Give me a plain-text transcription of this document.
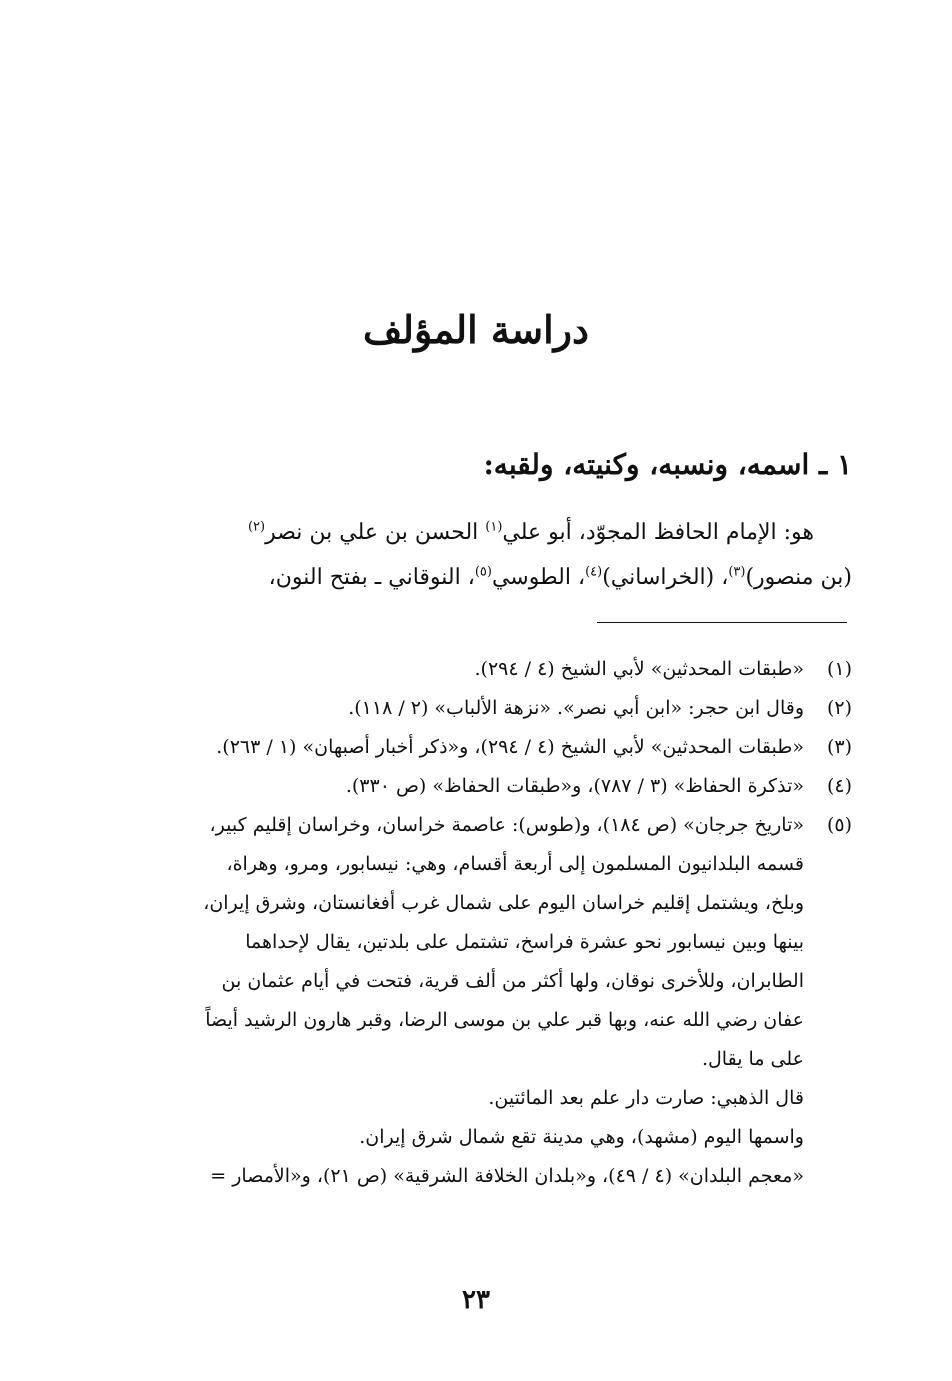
دراسة المؤلف
١ ـ اسمه، ونسبه، وكنيته، ولقبه:

هو: الإمام الحافظ المجوّد، أبو علي$^{(١)}$ الحسن بن علي بن نصر$^{(٢)}$

(بن منصور)$^{(٣)}$، (الخراساني)$^{(٤)}$، الطوسي$^{(٥)}$، النوقاني ـ بفتح النون،

(١)
«طبقات المحدثين» لأبي الشيخ (٤ / ٢٩٤).
(٢)
وقال ابن حجر: «ابن أبي نصر». «نزهة الألباب» (٢ / ١١٨).
(٣)
«طبقات المحدثين» لأبي الشيخ (٤ / ٢٩٤)، و«ذكر أخبار أصبهان» (١ / ٢٦٣).
(٤)
«تذكرة الحفاظ» (٣ / ٧٨٧)، و«طبقات الحفاظ» (ص ٣٣٠).
(٥)
«تاريخ جرجان» (ص ١٨٤)، و(طوس): عاصمة خراسان، وخراسان إقليم كبير،
قسمه البلدانيون المسلمون إلى أربعة أقسام، وهي: نيسابور، ومرو، وهراة،
وبلخ، ويشتمل إقليم خراسان اليوم على شمال غرب أفغانستان، وشرق إيران،
بينها وبين نيسابور نحو عشرة فراسخ، تشتمل على بلدتين، يقال لإحداهما
الطابران، وللأخرى نوقان، ولها أكثر من ألف قرية، فتحت في أيام عثمان بن
عفان رضي الله عنه، وبها قبر علي بن موسى الرضا، وقبر هارون الرشيد أيضاً
على ما يقال.
قال الذهبي: صارت دار علم بعد المائتين.
واسمها اليوم (مشهد)، وهي مدينة تقع شمال شرق إيران.
«معجم البلدان» (٤ / ٤٩)، و«بلدان الخلافة الشرقية» (ص ٢١)، و«الأمصار =
٢٣
